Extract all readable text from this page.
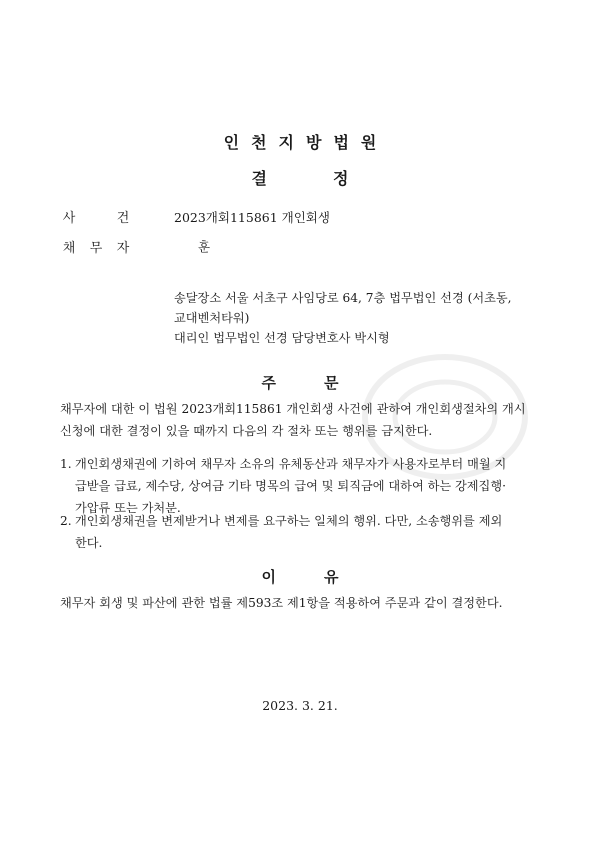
인천지방법원
결	정
사	건	2023개회115861 개인회생
채 무 자	훈
송달장소 서울 서초구 사임당로 64, 7층 법무법인 선경 (서초동,
교대벤처타워)
대리인 법무법인 선경 담당변호사 박시형
주	문
채무자에 대한 이 법원 2023개회115861 개인회생 사건에 관하여 개인회생절차의 개시
신청에 대한 결정이 있을 때까지 다음의 각 절차 또는 행위를 금지한다.
1. 개인회생채권에 기하여 채무자 소유의 유체동산과 채무자가 사용자로부터 매월 지
급받을 급료, 제수당, 상여금 기타 명목의 급여 및 퇴직금에 대하여 하는 강제집행·
가압류 또는 가처분.
2. 개인회생채권을 변제받거나 변제를 요구하는 일체의 행위. 다만, 소송행위를 제외
한다.
이	유
채무자 회생 및 파산에 관한 법률 제593조 제1항을 적용하여 주문과 같이 결정한다.
2023. 3. 21.
